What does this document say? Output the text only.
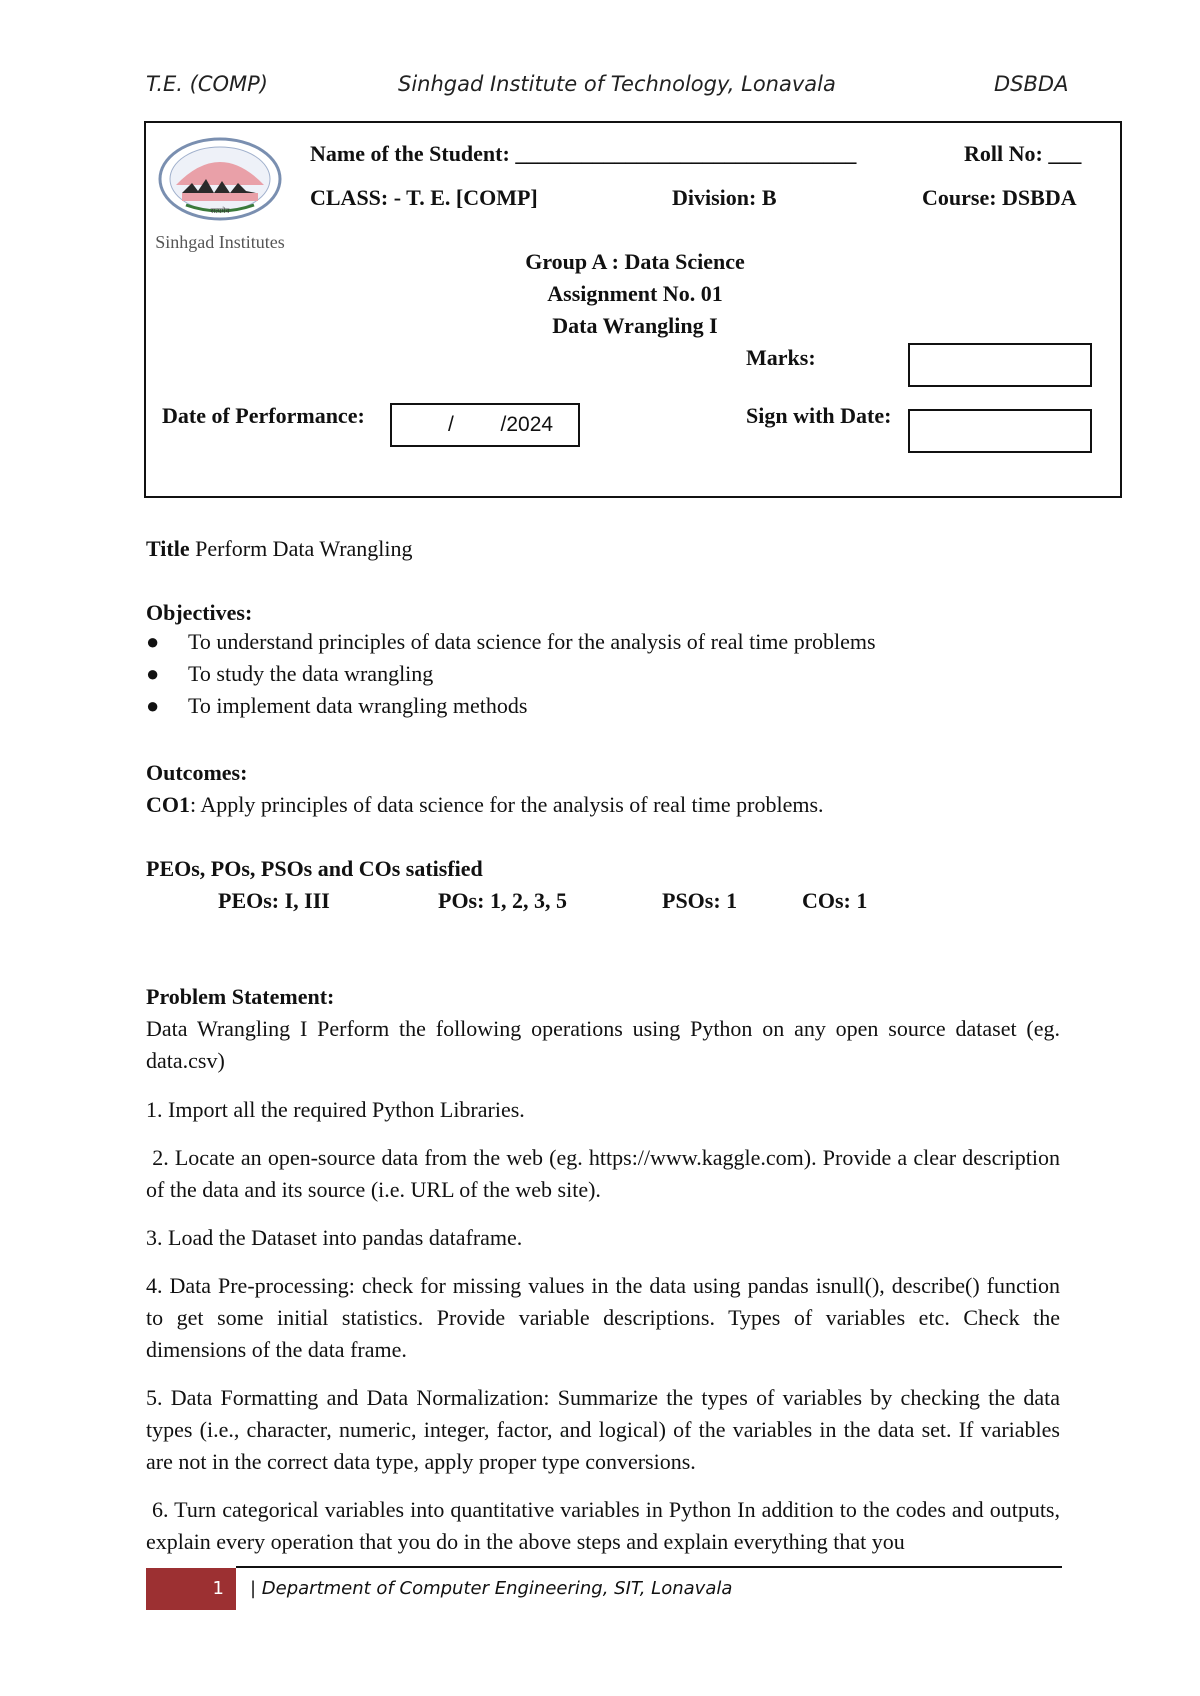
T.E. (COMP)	Sinhgad Institute of Technology, Lonavala	DSBDA
सत्यमेव
Sinhgad Institutes
Name of the Student: _______________________________	Roll No: ___
CLASS: - T. E. [COMP]	Division: B	Course: DSBDA
Group A : Data Science
Assignment No. 01
Data Wrangling I
Marks:
Date of Performance:	/        /2024	Sign with Date:
Title Perform Data Wrangling
Objectives:
● To understand principles of data science for the analysis of real time problems
● To study the data wrangling
● To implement data wrangling methods
Outcomes:
CO1: Apply principles of data science for the analysis of real time problems.
PEOs, POs, PSOs and COs satisfied
PEOs: I, III	POs: 1, 2, 3, 5	PSOs: 1	COs: 1
Problem Statement:
Data Wrangling I Perform the following operations using Python on any open source dataset (eg. data.csv)
1. Import all the required Python Libraries.
2. Locate an open-source data from the web (eg. https://www.kaggle.com). Provide a clear description of the data and its source (i.e. URL of the web site).
3. Load the Dataset into pandas dataframe.
4. Data Pre-processing: check for missing values in the data using pandas isnull(), describe() function to get some initial statistics. Provide variable descriptions. Types of variables etc. Check the dimensions of the data frame.
5. Data Formatting and Data Normalization: Summarize the types of variables by checking the data types (i.e., character, numeric, integer, factor, and logical) of the variables in the data set. If variables are not in the correct data type, apply proper type conversions.
6. Turn categorical variables into quantitative variables in Python In addition to the codes and outputs, explain every operation that you do in the above steps and explain everything that you
1	| Department of Computer Engineering, SIT, Lonavala
